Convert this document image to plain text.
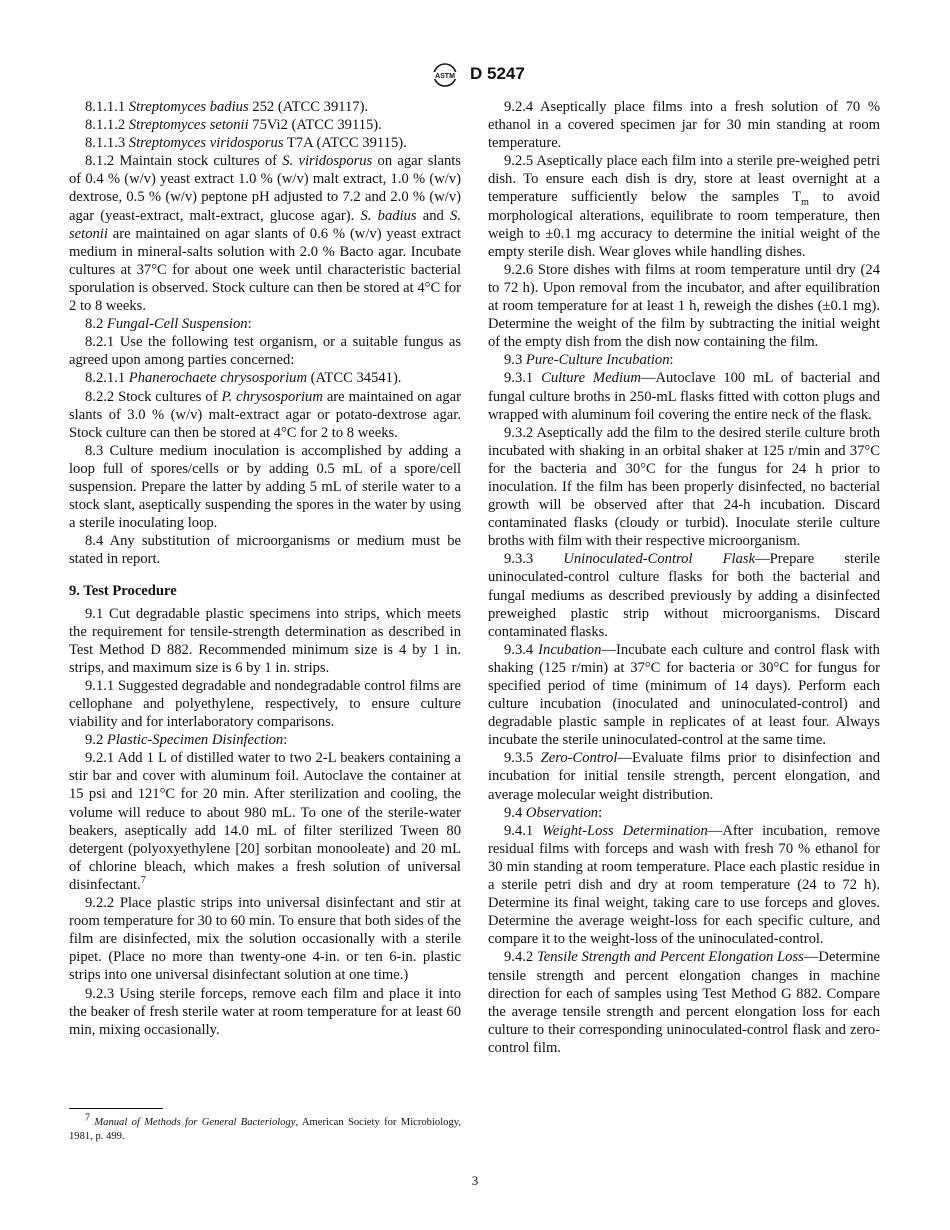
ASTM D 5247

8.1.1.1 Streptomyces badius 252 (ATCC 39117).

8.1.1.2 Streptomyces setonii 75Vi2 (ATCC 39115).

8.1.1.3 Streptomyces viridosporus T7A (ATCC 39115).

8.1.2 Maintain stock cultures of S. viridosporus on agar slants of 0.4 % (w/v) yeast extract 1.0 % (w/v) malt extract, 1.0 % (w/v) dextrose, 0.5 % (w/v) peptone pH adjusted to 7.2 and 2.0 % (w/v) agar (yeast-extract, malt-extract, glucose agar). S. badius and S. setonii are maintained on agar slants of 0.6 % (w/v) yeast extract medium in mineral-salts solution with 2.0 % Bacto agar. Incubate cultures at 37°C for about one week until characteristic bacterial sporulation is observed. Stock culture can then be stored at 4°C for 2 to 8 weeks.

8.2 Fungal-Cell Suspension:

8.2.1 Use the following test organism, or a suitable fungus as agreed upon among parties concerned:

8.2.1.1 Phanerochaete chrysosporium (ATCC 34541).

8.2.2 Stock cultures of P. chrysosporium are maintained on agar slants of 3.0 % (w/v) malt-extract agar or potato-dextrose agar. Stock culture can then be stored at 4°C for 2 to 8 weeks.

8.3 Culture medium inoculation is accomplished by adding a loop full of spores/cells or by adding 0.5 mL of a spore/cell suspension. Prepare the latter by adding 5 mL of sterile water to a stock slant, aseptically suspending the spores in the water by using a sterile inoculating loop.

8.4 Any substitution of microorganisms or medium must be stated in report.

9. Test Procedure

9.1 Cut degradable plastic specimens into strips, which meets the requirement for tensile-strength determination as described in Test Method D 882. Recommended minimum size is 4 by 1 in. strips, and maximum size is 6 by 1 in. strips.

9.1.1 Suggested degradable and nondegradable control films are cellophane and polyethylene, respectively, to ensure culture viability and for interlaboratory comparisons.

9.2 Plastic-Specimen Disinfection:

9.2.1 Add 1 L of distilled water to two 2-L beakers containing a stir bar and cover with aluminum foil. Autoclave the container at 15 psi and 121°C for 20 min. After sterilization and cooling, the volume will reduce to about 980 mL. To one of the sterile-water beakers, aseptically add 14.0 mL of filter sterilized Tween 80 detergent (polyoxyethylene [20] sorbitan monooleate) and 20 mL of chlorine bleach, which makes a fresh solution of universal disinfectant.$^7$

9.2.2 Place plastic strips into universal disinfectant and stir at room temperature for 30 to 60 min. To ensure that both sides of the film are disinfected, mix the solution occasionally with a sterile pipet. (Place no more than twenty-one 4-in. or ten 6-in. plastic strips into one universal disinfectant solution at one time.)

9.2.3 Using sterile forceps, remove each film and place it into the beaker of fresh sterile water at room temperature for at least 60 min, mixing occasionally.

9.2.4 Aseptically place films into a fresh solution of 70 % ethanol in a covered specimen jar for 30 min standing at room temperature.

9.2.5 Aseptically place each film into a sterile pre-weighed petri dish. To ensure each dish is dry, store at least overnight at a temperature sufficiently below the samples $T_m$ to avoid morphological alterations, equilibrate to room temperature, then weigh to ±0.1 mg accuracy to determine the initial weight of the empty sterile dish. Wear gloves while handling dishes.

9.2.6 Store dishes with films at room temperature until dry (24 to 72 h). Upon removal from the incubator, and after equilibration at room temperature for at least 1 h, reweigh the dishes (±0.1 mg). Determine the weight of the film by subtracting the initial weight of the empty dish from the dish now containing the film.

9.3 Pure-Culture Incubation:

9.3.1 Culture Medium—Autoclave 100 mL of bacterial and fungal culture broths in 250-mL flasks fitted with cotton plugs and wrapped with aluminum foil covering the entire neck of the flask.

9.3.2 Aseptically add the film to the desired sterile culture broth incubated with shaking in an orbital shaker at 125 r/min and 37°C for the bacteria and 30°C for the fungus for 24 h prior to inoculation. If the film has been properly disinfected, no bacterial growth will be observed after that 24-h incubation. Discard contaminated flasks (cloudy or turbid). Inoculate sterile culture broths with film with their respective microorganism.

9.3.3 Uninoculated-Control Flask—Prepare sterile uninoculated-control culture flasks for both the bacterial and fungal mediums as described previously by adding a disinfected preweighed plastic strip without microorganisms. Discard contaminated flasks.

9.3.4 Incubation—Incubate each culture and control flask with shaking (125 r/min) at 37°C for bacteria or 30°C for fungus for specified period of time (minimum of 14 days). Perform each culture incubation (inoculated and uninoculated-control) and degradable plastic sample in replicates of at least four. Always incubate the sterile uninoculated-control at the same time.

9.3.5 Zero-Control—Evaluate films prior to disinfection and incubation for initial tensile strength, percent elongation, and average molecular weight distribution.

9.4 Observation:

9.4.1 Weight-Loss Determination—After incubation, remove residual films with forceps and wash with fresh 70 % ethanol for 30 min standing at room temperature. Place each plastic residue in a sterile petri dish and dry at room temperature (24 to 72 h). Determine its final weight, taking care to use forceps and gloves. Determine the average weight-loss for each specific culture, and compare it to the weight-loss of the uninoculated-control.

9.4.2 Tensile Strength and Percent Elongation Loss—Determine tensile strength and percent elongation changes in machine direction for each of samples using Test Method G 882. Compare the average tensile strength and percent elongation loss for each culture to their corresponding uninoculated-control flask and zero-control film.

$^7$ Manual of Methods for General Bacteriology, American Society for Microbiology, 1981, p. 499.

3
